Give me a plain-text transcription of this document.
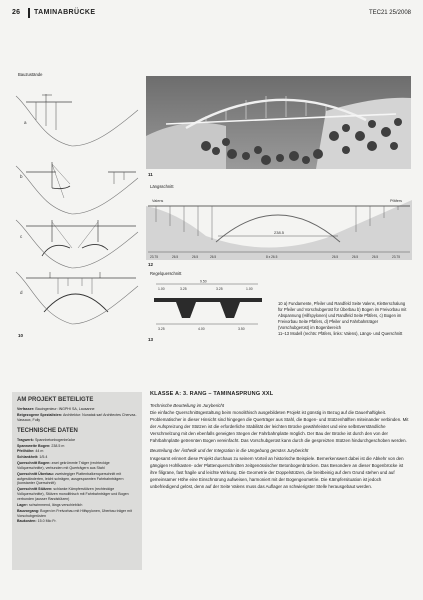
26 TAMINABRÜCKE	TEC21 25/2008
Bauzustände
a
b
c
d
10
11
Längsschnitt
238.5
Valens	Pfäfers
23.75	26.5	26.5	26.5	8 x 26.5	26.5	26.5	26.5	23.75
12
Regelquerschnitt
9.50
1.00	3.25	3.25	1.00
3.25	4.00	3.50
13
10 a) Fundamente, Pfeiler und Randfeld Seite Valens, Kletterschalung für Pfeiler und Vorschubgerüst für Überbau b) Bogen im Freivorbau mit Abspannung (Hilfspylonen) und Randfeld Seite Pfäfers, c) Bogen im Freivorbau Seite Pfäfers, d) Pfeiler und Fahrbahnträger (Vorschubgerüst) im Bogenbereich
11–13 Modell (rechts: Pfäfers, links: Valens), Längs- und Querschnitt
AM PROJEKT BETEILIGTE

Verfasser: Bauingenieur: INGPHI SA, Lausanne

Beigezogene Spezialisten: Architektur: Nunatak sarl Architectes Chervaz-Vassaux, Fully

TECHNISCHE DATEN

Tragwerk: Spannbetonbogenbrücke

Spannweite Bogen: 238.5 m

Pfeilhöhe: 44 m

Schlankheit: 1/5.4

Querschnitt Bogen: zwei gekrümmte Träger (rechteckige Vollquerschnitte), verbunden mit Querträgern aus Stahl

Querschnitt Überbau: zweistegiger Plattenbalkenquerschnitt mit aufgeständerten, leicht schrägen, ausgespannten Fahrbahnträgern (konstanter Querschnitt)

Querschnitt Stützen: schlanke Kämpferstützen (rechteckige Vollquerschnitte), Stützen monolithisch mit Fahrbahnträger und Bogen verbunden (ausser Randstützen)

Lager: schwimmend, längs verschieblich

Bauvorgang: Bogen im Freivorbau mit Hilfspylonen, Überbau träger mit Vorschubgerüsten

Baukosten: 15.0 Mio Fr.

KLASSE A: 3. RANG – TAMINASPRUNG XXL

Technische Beurteilung im Jurybericht

Die einfache Querschnittsgestaltung beim monolithisch ausgebildeten Projekt ist günstig in Bezug auf die Dauerhaftigkeit. Problematischer in dieser Hinsicht sind hingegen die Querträger aus Stahl, die Bogen- und Stützenhälften miteinander verbinden. Mit der Aufspreizung der Stützen ist die erforderliche Stabilität der leichten Brücke gewährleistet und eine selbstverständliche Verschmelzung mit den ebenfalls geneigten Stegen der Fahrbahnplatte möglich. Der Bau der Brücke ist durch den von der Fahrbahnplatte getrennten Bogen vereinfacht. Das Vorschubgerüst kann durch die gespreizten Stützen hindurchgeschoben werden.

Beurteilung der Ästhetik und der Integration in die Umgebung gemäss Jurybericht

Insgesamt erinnert diese Projekt durchaus zu seinem Vorteil an historische Beispiele. Bemerkenswert dabei ist die Abkehr von den gängigen Hohlkasten- oder Plattenquerschnitten zeitgenössischer Betonbogenbrücken. Das Besondere an dieser Bogenbrücke ist ihre filigrane, fast fragile und leichte Wirkung. Die Geometrie der Doppelstützen, die breitbeinig auf dem Grund stehen und auf gemeinsamer Höhe eine Einschnürung aufweisen, harmoniert mit der Bogengeometrie. Die Kämpfersituation ist jedoch unbefriedigend gelöst, denn auf der Seite Valens muss das Auflager an schwierigster Stelle herausgebaut werden.
